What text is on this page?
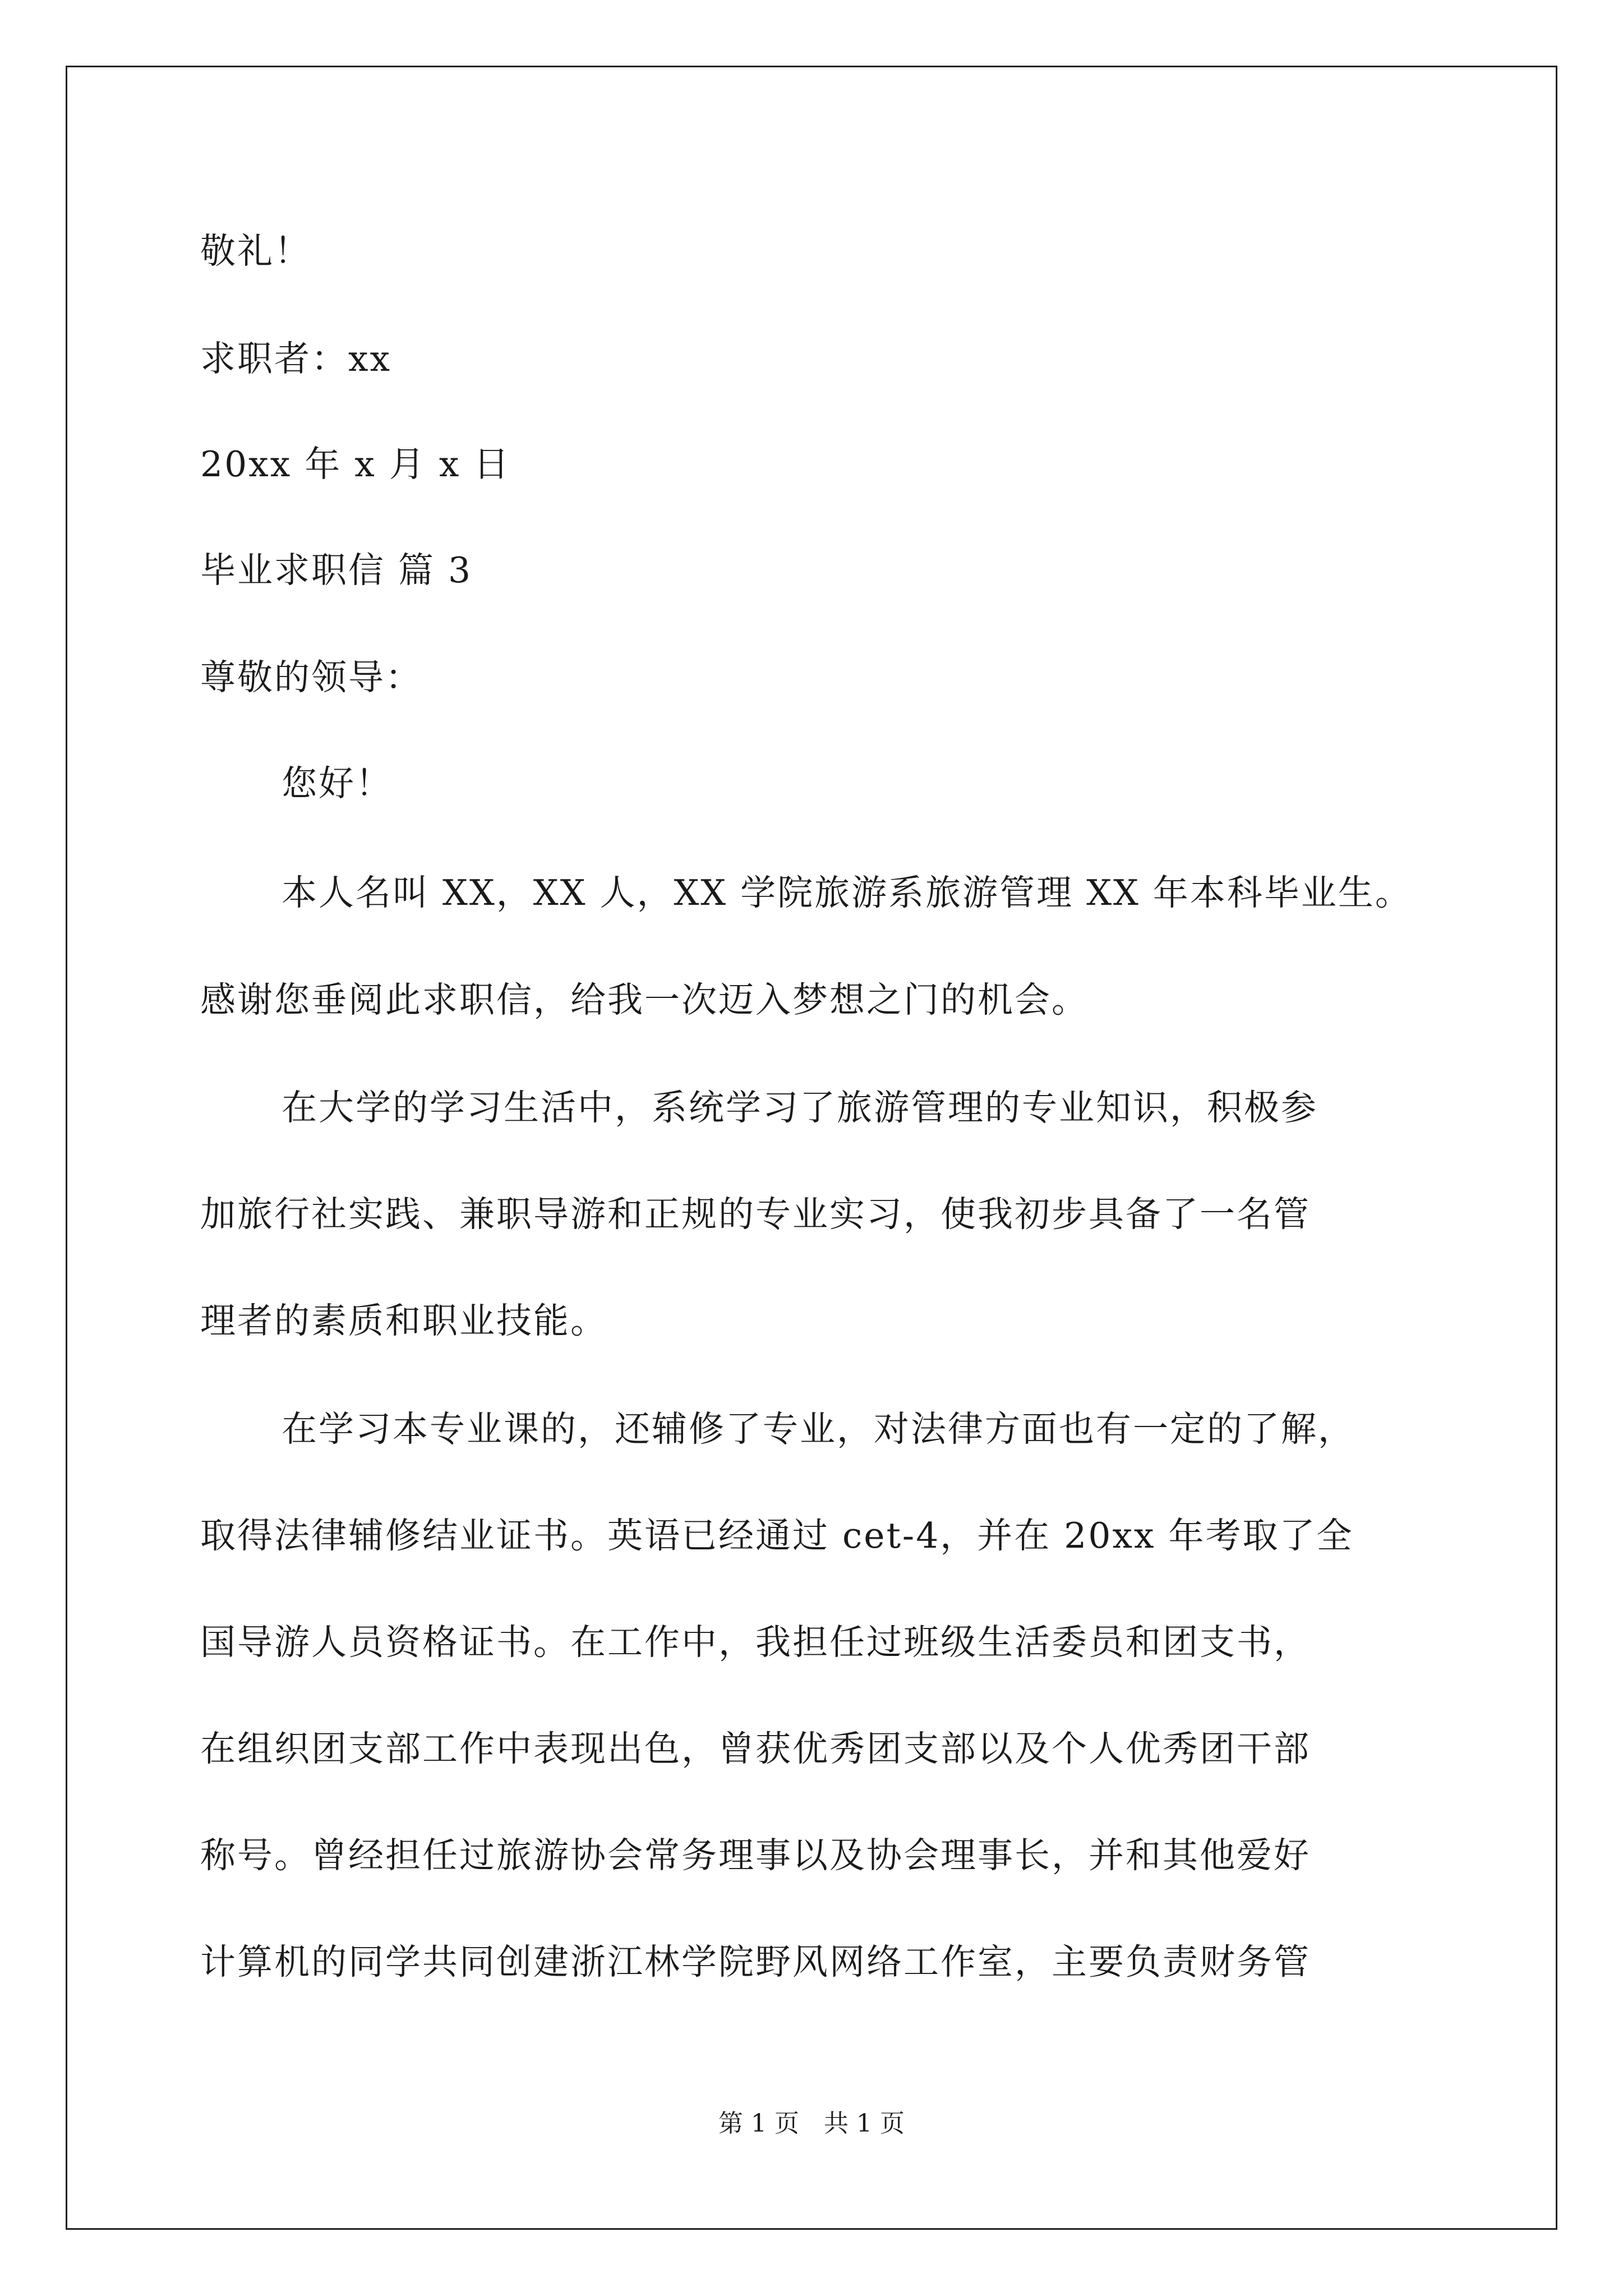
敬礼！
求职者：xx
20xx 年 x 月 x 日
毕业求职信 篇 3
尊敬的领导：
您好！
本人名叫 XX，XX 人，XX 学院旅游系旅游管理 XX 年本科毕业生。
感谢您垂阅此求职信，给我一次迈入梦想之门的机会。
在大学的学习生活中，系统学习了旅游管理的专业知识，积极参
加旅行社实践、兼职导游和正规的专业实习，使我初步具备了一名管
理者的素质和职业技能。
在学习本专业课的，还辅修了专业，对法律方面也有一定的了解，
取得法律辅修结业证书。英语已经通过 cet-4，并在 20xx 年考取了全
国导游人员资格证书。在工作中，我担任过班级生活委员和团支书，
在组织团支部工作中表现出色，曾获优秀团支部以及个人优秀团干部
称号。曾经担任过旅游协会常务理事以及协会理事长，并和其他爱好
计算机的同学共同创建浙江林学院野风网络工作室，主要负责财务管
第 1 页　共 1 页
